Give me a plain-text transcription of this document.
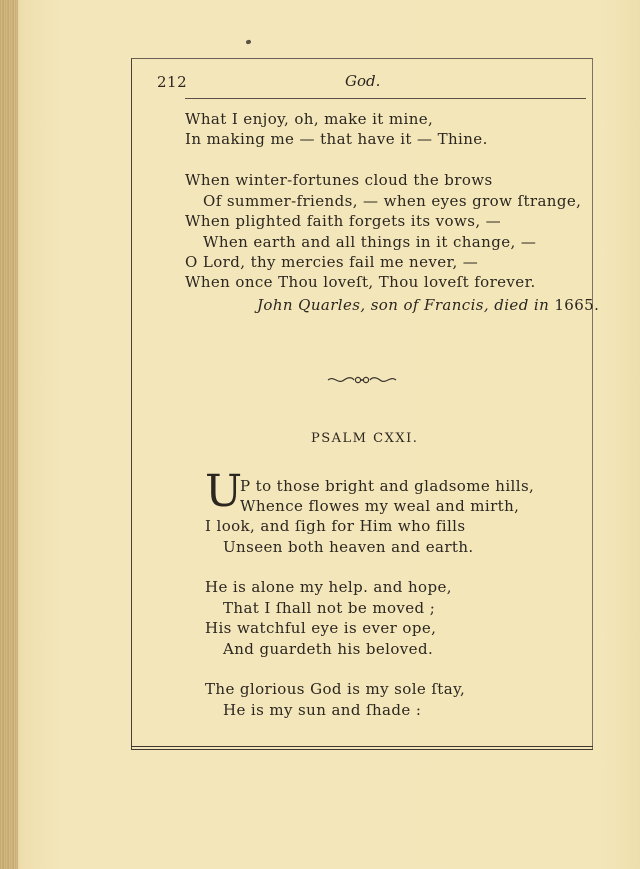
212	God.
What I enjoy, oh, make it mine,
In making me — that have it — Thine.
When winter-fortunes cloud the brows
Of summer-friends, — when eyes grow ſtrange,
When plighted faith forgets its vows, —
When earth and all things in it change, —
O Lord, thy mercies fail me never, —
When once Thou loveſt, Thou loveſt forever.
John Quarles, son of Francis, died in 1665.
PSALM CXXI.
U
P to those bright and gladsome hills,
Whence flowes my weal and mirth,
I look, and ſigh for Him who fills
Unseen both heaven and earth.
He is alone my help. and hope,
That I ſhall not be moved ;
His watchful eye is ever ope,
And guardeth his beloved.
The glorious God is my sole ſtay,
He is my sun and ſhade :
